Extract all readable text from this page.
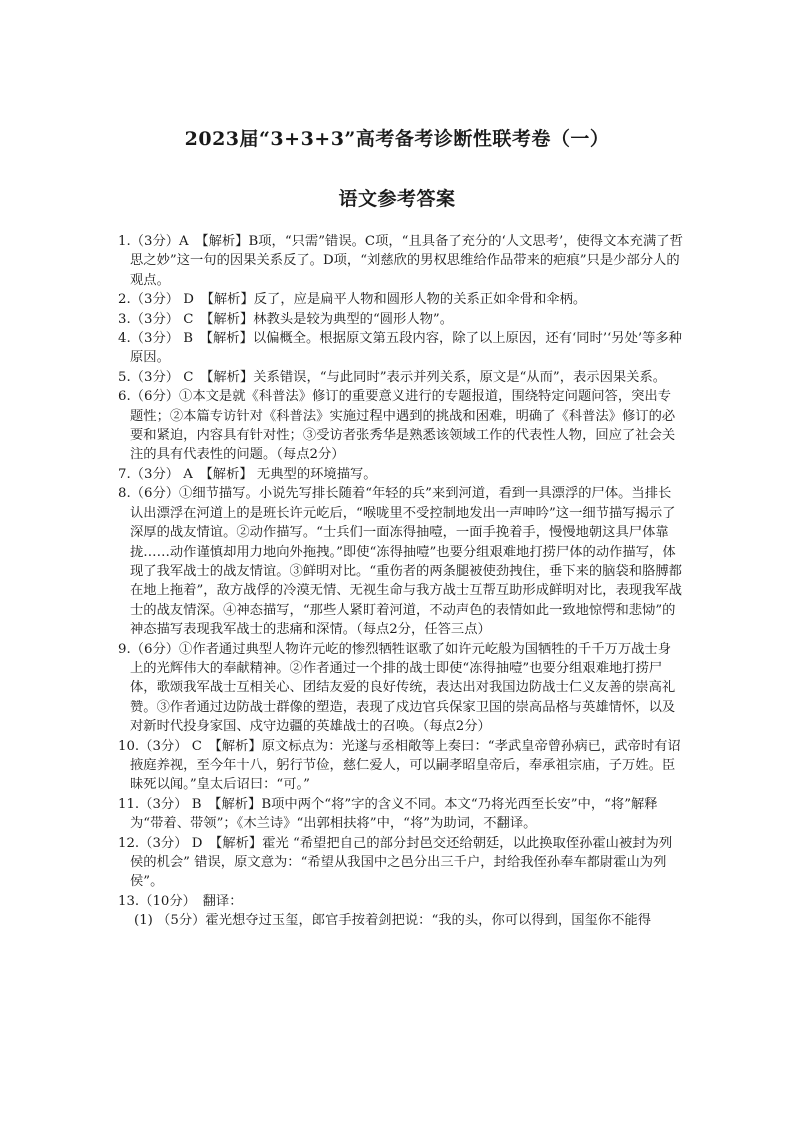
2023届“3+3+3”高考备考诊断性联考卷（一）
语文参考答案
1.（3分）A　【解析】B项，“只需”错误。C项，“且具备了充分的‘人文思考’，使得文本充满了哲思之妙”这一句的因果关系反了。D项，“刘慈欣的男权思维给作品带来的疤痕”只是少部分人的观点。
2.（3分） D　【解析】反了，应是扁平人物和圆形人物的关系正如伞骨和伞柄。
3.（3分） C　【解析】林教头是较为典型的“圆形人物”。
4.（3分） B　【解析】以偏概全。根据原文第五段内容，除了以上原因，还有‘同时’‘另处’等多种原因。
5.（3分） C　【解析】关系错误，“与此同时”表示并列关系，原文是“从而”，表示因果关系。
6.（6分）①本文是就《科普法》修订的重要意义进行的专题报道，围绕特定问题问答，突出专题性；②本篇专访针对《科普法》实施过程中遇到的挑战和困难，明确了《科普法》修订的必要和紧迫，内容具有针对性；③受访者张秀华是熟悉该领域工作的代表性人物，回应了社会关注的具有代表性的问题。（每点2分）
7.（3分） A　【解析】 无典型的环境描写。
8.（6分）①细节描写。小说先写排长随着“年轻的兵”来到河道，看到一具漂浮的尸体。当排长认出漂浮在河道上的是班长许元屹后，“喉咙里不受控制地发出一声呻吟”这一细节描写揭示了深厚的战友情谊。②动作描写。“士兵们一面冻得抽噎，一面手挽着手，慢慢地朝这具尸体靠拢……动作谨慎却用力地向外拖拽。”即使“冻得抽噎”也要分组艰难地打捞尸体的动作描写，体现了我军战士的战友情谊。③鲜明对比。“重伤者的两条腿被使劲拽住，垂下来的脑袋和胳膊都在地上拖着”，敌方战俘的冷漠无情、无视生命与我方战士互帮互助形成鲜明对比，表现我军战士的战友情深。④神态描写，“那些人紧盯着河道，不动声色的表情如此一致地惊愕和悲恸”的神态描写表现我军战士的悲痛和深情。（每点2分，任答三点）
9.（6分）①作者通过典型人物许元屹的惨烈牺牲讴歌了如许元屹般为国牺牲的千千万万战士身上的光辉伟大的奉献精神。②作者通过一个排的战士即使“冻得抽噎”也要分组艰难地打捞尸体，歌颂我军战士互相关心、团结友爱的良好传统，表达出对我国边防战士仁义友善的崇高礼赞。③作者通过边防战士群像的塑造，表现了戍边官兵保家卫国的崇高品格与英雄情怀，以及对新时代投身家国、戍守边疆的英雄战士的召唤。（每点2分）
10.（3分） C　【解析】原文标点为：光遂与丞相敞等上奏曰：“孝武皇帝曾孙病已，武帝时有诏掖庭养视，至今年十八，躬行节俭，慈仁爱人，可以嗣孝昭皇帝后，奉承祖宗庙，子万姓。臣昧死以闻。”皇太后诏曰：“可。”
11.（3分） B　【解析】B项中两个“将”字的含义不同。本文“乃将光西至长安”中，“将”解释为“带着、带领”；《木兰诗》“出郭相扶将”中，“将”为助词，不翻译。
12.（3分） D　【解析】霍光 “希望把自己的部分封邑交还给朝廷，以此换取侄孙霍山被封为列侯的机会” 错误，原文意为：“希望从我国中之邑分出三千户，封给我侄孙奉车都尉霍山为列侯”。
13.（10分）　翻译：
(1) （5分）霍光想夺过玉玺，郎官手按着剑把说：“我的头，你可以得到，国玺你不能得
